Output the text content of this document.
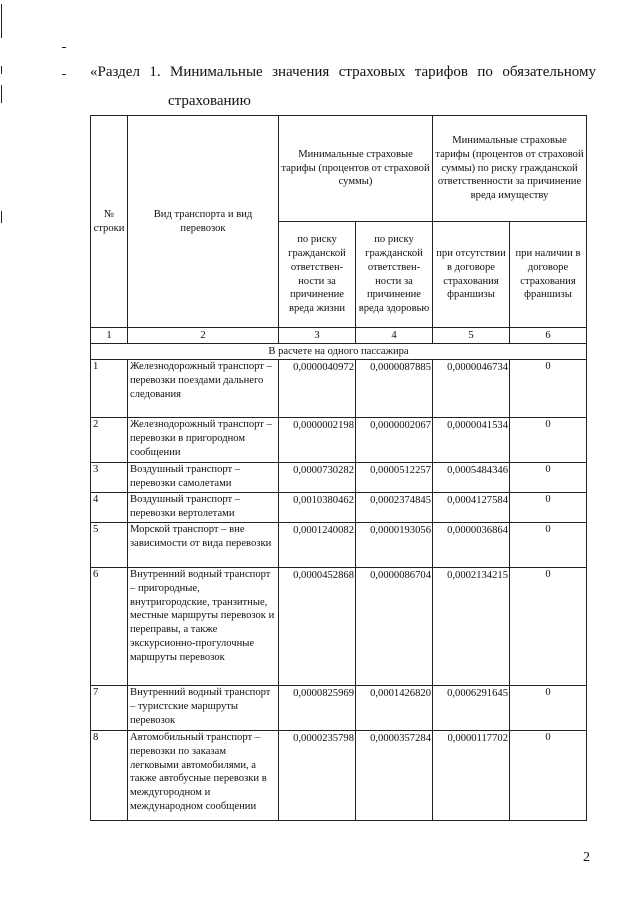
«Раздел 1. Минимальные значения страховых тарифов по обязательному
страхованию
№ строки	Вид транспорта и вид перевозок	Минимальные страховые тарифы (процентов от страховой суммы)		Минимальные страховые тарифы (процентов от страховой суммы) по риску гражданской ответственности за причинение вреда имуществу	
		по риску гражданской ответствен-ности за причинение вреда жизни	по риску гражданской ответствен-ности за причинение вреда здоровью	при отсутствии в договоре страхования франшизы	при наличии в договоре страхования франшизы
1	2	3	4	5	6
В расчете на одного пассажира					
1	Железнодорожный транспорт – перевозки поездами дальнего следования	0,0000040972	0,0000087885	0,0000046734	0
2	Железнодорожный транспорт – перевозки в пригородном сообщении	0,0000002198	0,0000002067	0,0000041534	0
3	Воздушный транспорт – перевозки самолетами	0,0000730282	0,0000512257	0,0005484346	0
4	Воздушный транспорт – перевозки вертолетами	0,0010380462	0,0002374845	0,0004127584	0
5	Морской транспорт – вне зависимости от вида перевозки	0,0001240082	0,0000193056	0,0000036864	0
6	Внутренний водный транспорт – пригородные, внутригородские, транзитные, местные маршруты перевозок и переправы, а также экскурсионно-прогулочные маршруты перевозок	0,0000452868	0,0000086704	0,0002134215	0
7	Внутренний водный транспорт – туристские маршруты перевозок	0,0000825969	0,0001426820	0,0006291645	0
8	Автомобильный транспорт – перевозки по заказам легковыми автомобилями, а также автобусные перевозки в междугородном и международном сообщении	0,0000235798	0,0000357284	0,0000117702	0
2
